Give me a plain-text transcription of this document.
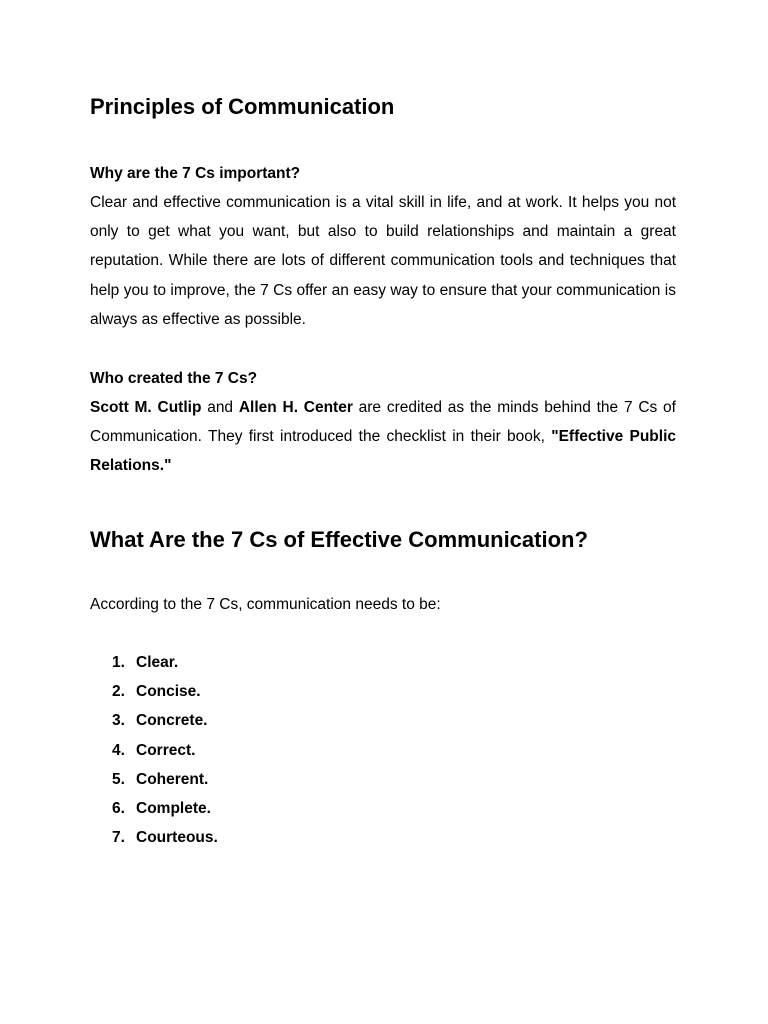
Principles of Communication

Why are the 7 Cs important?

Clear and effective communication is a vital skill in life, and at work. It helps you not only to get what you want, but also to build relationships and maintain a great reputation. While there are lots of different communication tools and techniques that help you to improve, the 7 Cs offer an easy way to ensure that your communication is always as effective as possible.

Who created the 7 Cs?

Scott M. Cutlip and Allen H. Center are credited as the minds behind the 7 Cs of Communication. They first introduced the checklist in their book, "Effective Public Relations."

What Are the 7 Cs of Effective Communication?

According to the 7 Cs, communication needs to be:

1. Clear.
2. Concise.
3. Concrete.
4. Correct.
5. Coherent.
6. Complete.
7. Courteous.
